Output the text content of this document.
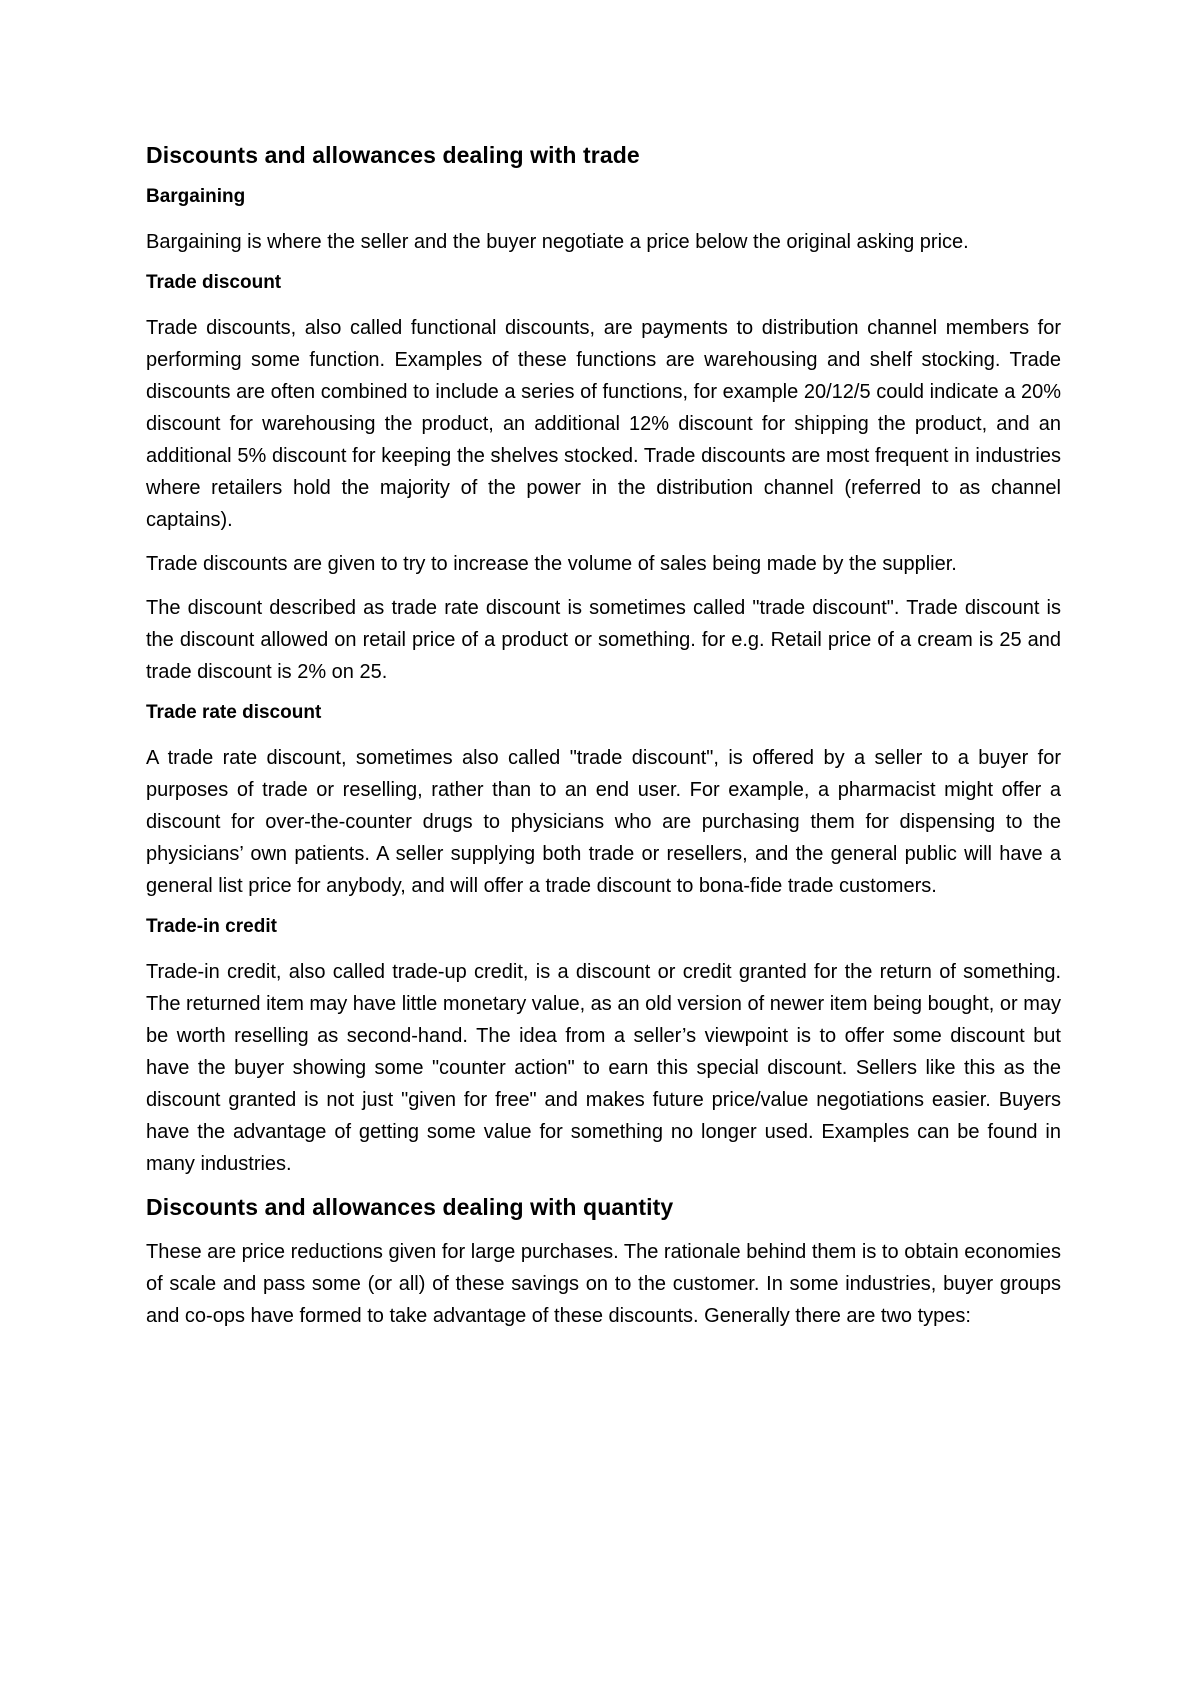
Discounts and allowances dealing with trade
Bargaining
Bargaining is where the seller and the buyer negotiate a price below the original asking price.
Trade discount
Trade discounts, also called functional discounts, are payments to distribution channel members for performing some function. Examples of these functions are warehousing and shelf stocking. Trade discounts are often combined to include a series of functions, for example 20/12/5 could indicate a 20% discount for warehousing the product, an additional 12% discount for shipping the product, and an additional 5% discount for keeping the shelves stocked. Trade discounts are most frequent in industries where retailers hold the majority of the power in the distribution channel (referred to as channel captains).
Trade discounts are given to try to increase the volume of sales being made by the supplier.
The discount described as trade rate discount is sometimes called "trade discount". Trade discount is the discount allowed on retail price of a product or something. for e.g. Retail price of a cream is 25 and trade discount is 2% on 25.
Trade rate discount
A trade rate discount, sometimes also called "trade discount", is offered by a seller to a buyer for purposes of trade or reselling, rather than to an end user. For example, a pharmacist might offer a discount for over-the-counter drugs to physicians who are purchasing them for dispensing to the physicians’ own patients. A seller supplying both trade or resellers, and the general public will have a general list price for anybody, and will offer a trade discount to bona-fide trade customers.
Trade-in credit
Trade-in credit, also called trade-up credit, is a discount or credit granted for the return of something. The returned item may have little monetary value, as an old version of newer item being bought, or may be worth reselling as second-hand. The idea from a seller’s viewpoint is to offer some discount but have the buyer showing some "counter action" to earn this special discount. Sellers like this as the discount granted is not just "given for free" and makes future price/value negotiations easier. Buyers have the advantage of getting some value for something no longer used. Examples can be found in many industries.
Discounts and allowances dealing with quantity
These are price reductions given for large purchases. The rationale behind them is to obtain economies of scale and pass some (or all) of these savings on to the customer. In some industries, buyer groups and co-ops have formed to take advantage of these discounts. Generally there are two types:
